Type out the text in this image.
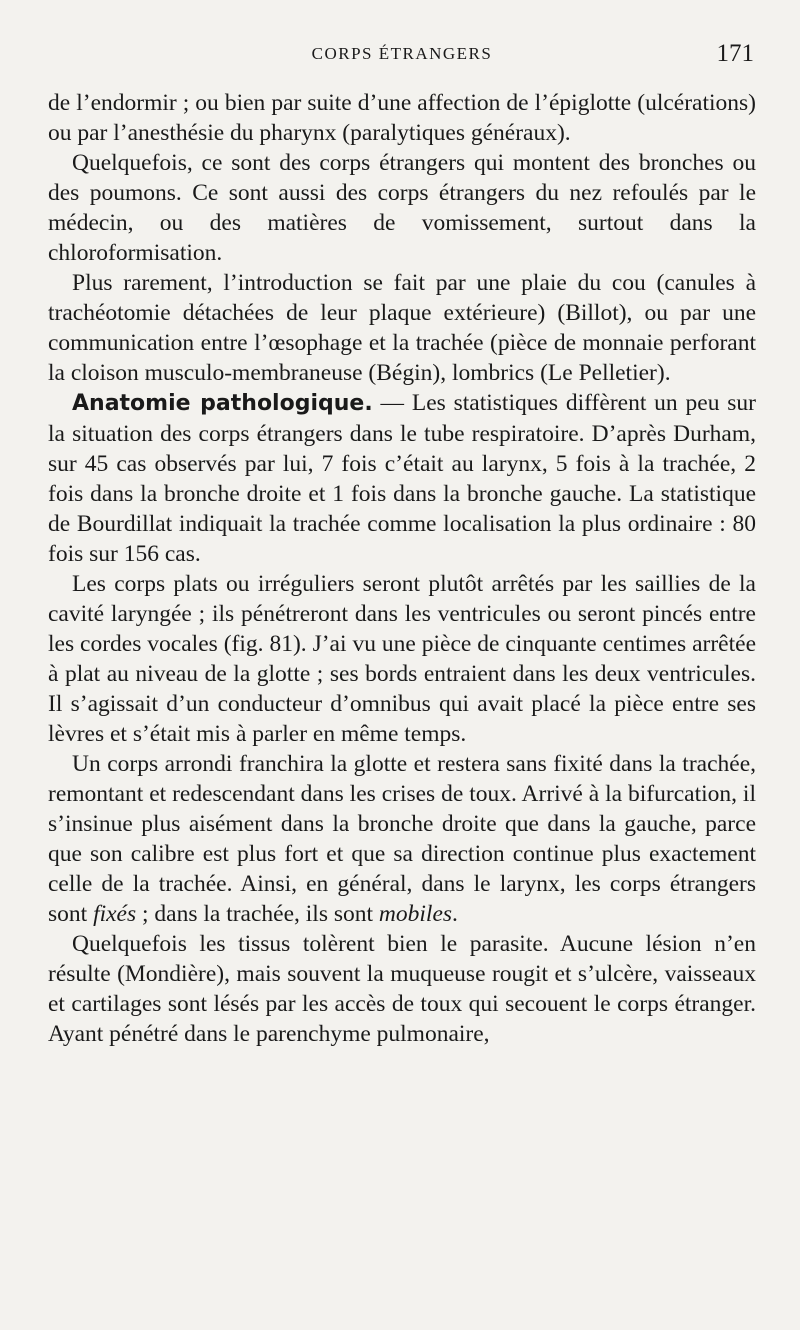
CORPS ÉTRANGERS	171

de l’endormir ; ou bien par suite d’une affection de l’épiglotte (ulcérations) ou par l’anesthésie du pharynx (paralytiques généraux).

Quelquefois, ce sont des corps étrangers qui montent des bronches ou des poumons. Ce sont aussi des corps étrangers du nez refoulés par le médecin, ou des matières de vomissement, surtout dans la chloroformisation.

Plus rarement, l’introduction se fait par une plaie du cou (canules à trachéotomie détachées de leur plaque extérieure) (Billot), ou par une communication entre l’œsophage et la trachée (pièce de monnaie perforant la cloison musculo-membraneuse (Bégin), lombrics (Le Pelletier).

Anatomie pathologique. — Les statistiques diffèrent un peu sur la situation des corps étrangers dans le tube respiratoire. D’après Durham, sur 45 cas observés par lui, 7 fois c’était au larynx, 5 fois à la trachée, 2 fois dans la bronche droite et 1 fois dans la bronche gauche. La statistique de Bourdillat indiquait la trachée comme localisation la plus ordinaire : 80 fois sur 156 cas.

Les corps plats ou irréguliers seront plutôt arrêtés par les saillies de la cavité laryngée ; ils pénétreront dans les ventricules ou seront pincés entre les cordes vocales (fig. 81). J’ai vu une pièce de cinquante centimes arrêtée à plat au niveau de la glotte ; ses bords entraient dans les deux ventricules. Il s’agissait d’un conducteur d’omnibus qui avait placé la pièce entre ses lèvres et s’était mis à parler en même temps.

Un corps arrondi franchira la glotte et restera sans fixité dans la trachée, remontant et redescendant dans les crises de toux. Arrivé à la bifurcation, il s’insinue plus aisément dans la bronche droite que dans la gauche, parce que son calibre est plus fort et que sa direction continue plus exactement celle de la trachée. Ainsi, en général, dans le larynx, les corps étrangers sont fixés ; dans la trachée, ils sont mobiles.

Quelquefois les tissus tolèrent bien le parasite. Aucune lésion n’en résulte (Mondière), mais souvent la muqueuse rougit et s’ulcère, vaisseaux et cartilages sont lésés par les accès de toux qui secouent le corps étranger. Ayant pénétré dans le parenchyme pulmonaire,
